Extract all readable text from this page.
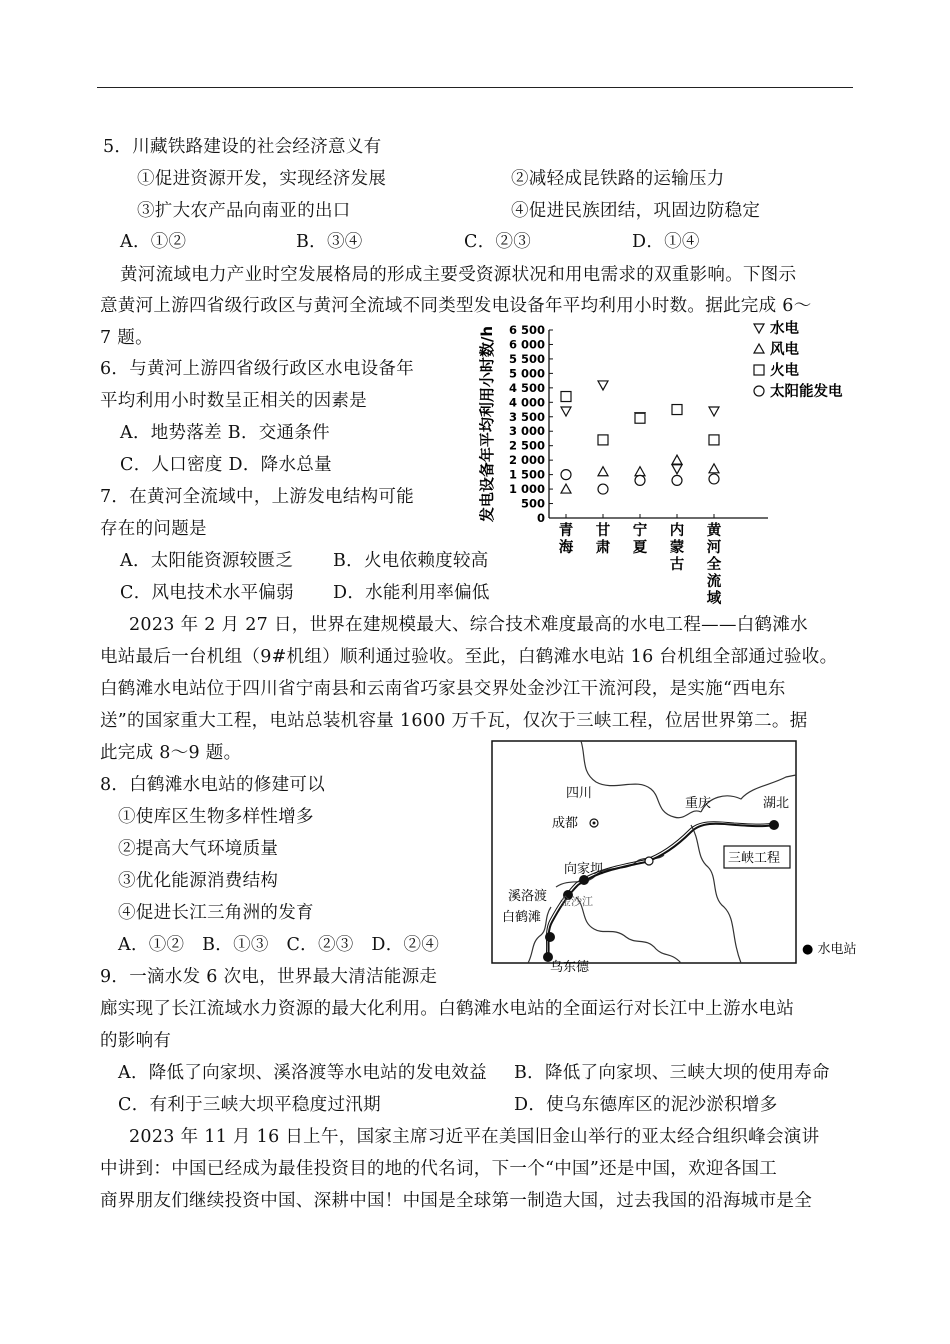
5．川藏铁路建设的社会经济意义有
①促进资源开发，实现经济发展	②减轻成昆铁路的运输压力
③扩大农产品向南亚的出口	④促进民族团结，巩固边防稳定
A．①②	B．③④	C．②③	D．①④
黄河流域电力产业时空发展格局的形成主要受资源状况和用电需求的双重影响。下图示
意黄河上游四省级行政区与黄河全流域不同类型发电设备年平均利用小时数。据此完成 6～
7 题。
6．与黄河上游四省级行政区水电设备年
平均利用小时数呈正相关的因素是
A．地势落差 B．交通条件
C．人口密度 D．降水总量
7．在黄河全流域中，上游发电结构可能
存在的问题是
A．太阳能资源较匮乏 B．火电依赖度较高
C．风电技术水平偏弱 D．水能利用率偏低
发电设备年平均利用小时数/h	0
500
1 000
1 500
2 000
2 500
3 000
3 500
4 000
4 500
5 000
5 500
6 000
6 500
青海
甘肃
宁夏
内蒙古
黄河全流域
水电
风电
火电
太阳能发电
2023 年 2 月 27 日，世界在建规模最大、综合技术难度最高的水电工程——白鹤滩水
电站最后一台机组（9#机组）顺利通过验收。至此，白鹤滩水电站 16 台机组全部通过验收。
白鹤滩水电站位于四川省宁南县和云南省巧家县交界处金沙江干流河段，是实施“西电东
送”的国家重大工程，电站总装机容量 1600 万千瓦，仅次于三峡工程，位居世界第二。据
此完成 8～9 题。
8．白鹤滩水电站的修建可以
①使库区生物多样性增多
②提高大气环境质量
③优化能源消费结构
④促进长江三角洲的发育
A．①②　B．①③　C．②③　D．②④
四川
湖北
成都
重庆
向家坝
溪洛渡
白鹤滩
乌东德
金沙江
三峡工程
● 水电站
9．一滴水发 6 次电，世界最大清洁能源走
廊实现了长江流域水力资源的最大化利用。白鹤滩水电站的全面运行对长江中上游水电站
的影响有
A．降低了向家坝、溪洛渡等水电站的发电效益 B．降低了向家坝、三峡大坝的使用寿命
C．有利于三峡大坝平稳度过汛期	D．使乌东德库区的泥沙淤积增多
2023 年 11 月 16 日上午，国家主席习近平在美国旧金山举行的亚太经合组织峰会演讲
中讲到：中国已经成为最佳投资目的地的代名词，下一个“中国”还是中国，欢迎各国工
商界朋友们继续投资中国、深耕中国！中国是全球第一制造大国，过去我国的沿海城市是全
